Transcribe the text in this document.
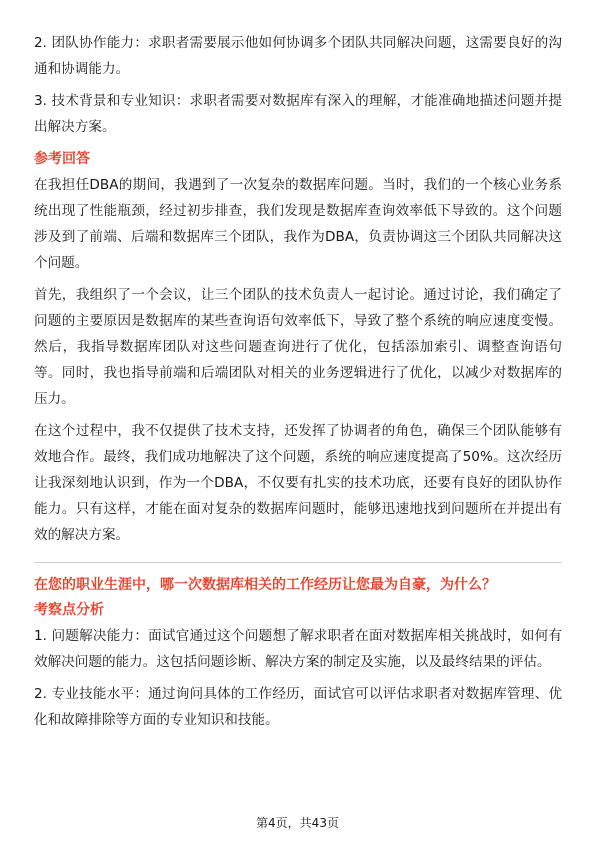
2. 团队协作能力：求职者需要展示他如何协调多个团队共同解决问题，这需要良好的沟通和协调能力。

3. 技术背景和专业知识：求职者需要对数据库有深入的理解，才能准确地描述问题并提出解决方案。

参考回答

在我担任DBA的期间，我遇到了一次复杂的数据库问题。当时，我们的一个核心业务系统出现了性能瓶颈，经过初步排查，我们发现是数据库查询效率低下导致的。这个问题涉及到了前端、后端和数据库三个团队，我作为DBA，负责协调这三个团队共同解决这个问题。

首先，我组织了一个会议，让三个团队的技术负责人一起讨论。通过讨论，我们确定了问题的主要原因是数据库的某些查询语句效率低下，导致了整个系统的响应速度变慢。然后，我指导数据库团队对这些问题查询进行了优化，包括添加索引、调整查询语句等。同时，我也指导前端和后端团队对相关的业务逻辑进行了优化，以减少对数据库的压力。

在这个过程中，我不仅提供了技术支持，还发挥了协调者的角色，确保三个团队能够有效地合作。最终，我们成功地解决了这个问题，系统的响应速度提高了50%。这次经历让我深刻地认识到，作为一个DBA，不仅要有扎实的技术功底，还要有良好的团队协作能力。只有这样，才能在面对复杂的数据库问题时，能够迅速地找到问题所在并提出有效的解决方案。

在您的职业生涯中，哪一次数据库相关的工作经历让您最为自豪，为什么？

考察点分析

1. 问题解决能力：面试官通过这个问题想了解求职者在面对数据库相关挑战时，如何有效解决问题的能力。这包括问题诊断、解决方案的制定及实施，以及最终结果的评估。

2. 专业技能水平：通过询问具体的工作经历，面试官可以评估求职者对数据库管理、优化和故障排除等方面的专业知识和技能。

第4页，共43页
